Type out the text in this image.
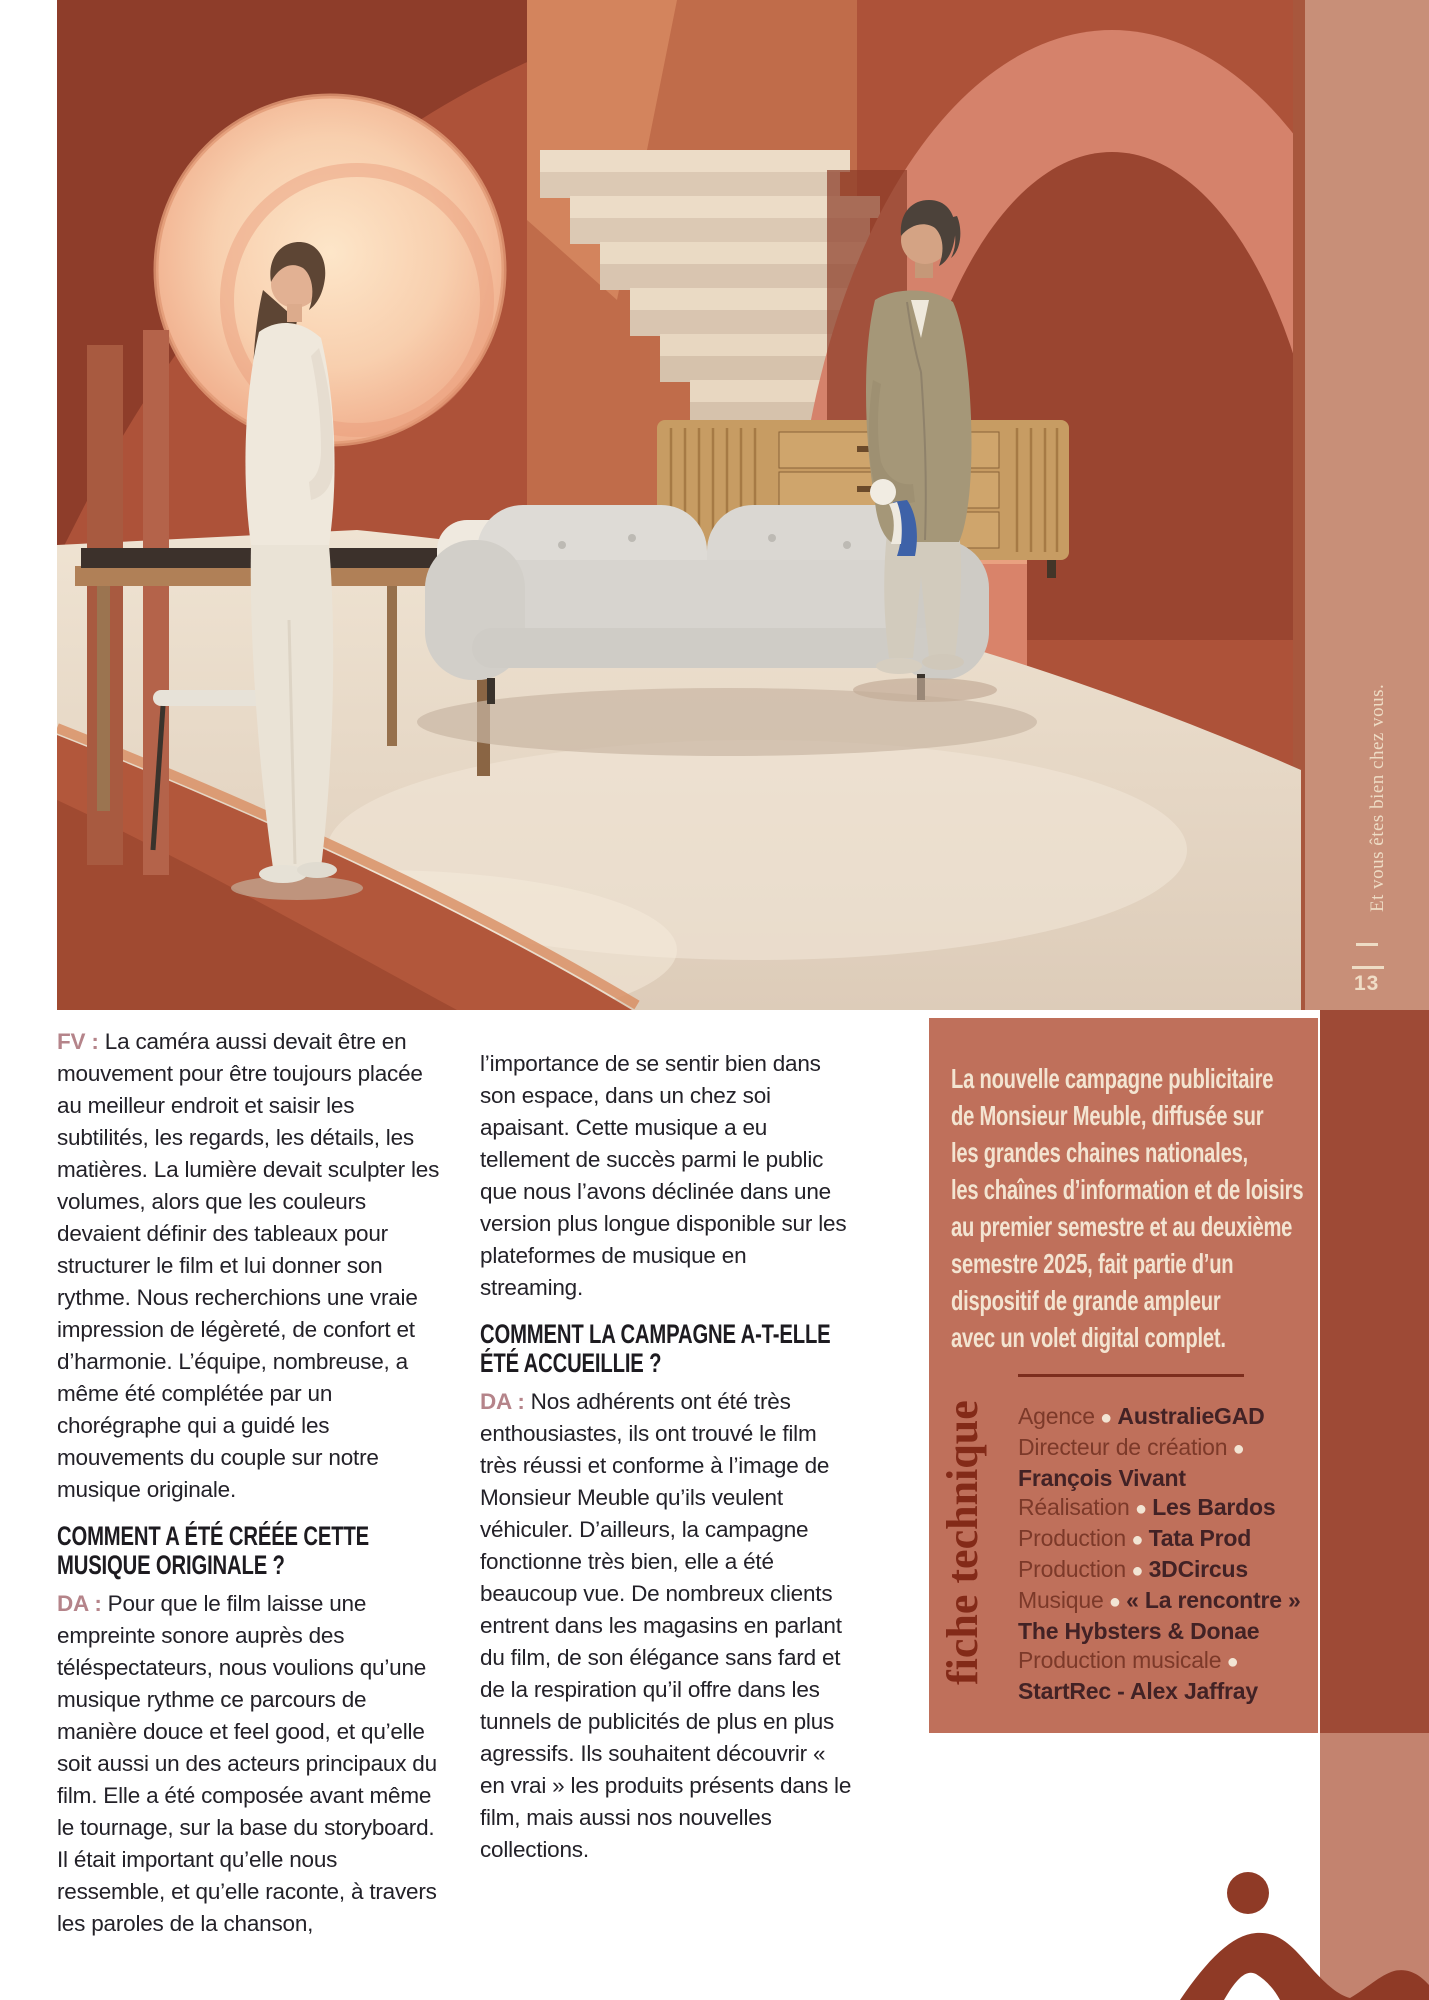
Et vous êtes bien chez vous.
13

FV : La caméra aussi devait être en mouvement pour être toujours placée au meilleur endroit et saisir les subtilités, les regards, les détails, les matières. La lumière devait sculpter les volumes, alors que les couleurs devaient définir des tableaux pour structurer le film et lui donner son rythme. Nous recherchions une vraie impression de légèreté, de confort et d’harmonie. L’équipe, nombreuse, a même été complétée par un chorégraphe qui a guidé les mouvements du couple sur notre musique originale.

COMMENT A ÉTÉ CRÉÉE CETTE MUSIQUE ORIGINALE ?

DA : Pour que le film laisse une empreinte sonore auprès des téléspectateurs, nous voulions qu’une musique rythme ce parcours de manière douce et feel good, et qu’elle soit aussi un des acteurs principaux du film. Elle a été composée avant même le tournage, sur la base du storyboard. Il était important qu’elle nous ressemble, et qu’elle raconte, à travers les paroles de la chanson,

l’importance de se sentir bien dans son espace, dans un chez soi apaisant. Cette musique a eu tellement de succès parmi le public que nous l’avons déclinée dans une version plus longue disponible sur les plateformes de musique en streaming.

COMMENT LA CAMPAGNE A-T-ELLE ÉTÉ ACCUEILLIE ?

DA : Nos adhérents ont été très enthousiastes, ils ont trouvé le film très réussi et conforme à l’image de Monsieur Meuble qu’ils veulent véhiculer. D’ailleurs, la campagne fonctionne très bien, elle a été beaucoup vue. De nombreux clients entrent dans les magasins en parlant du film, de son élégance sans fard et de la respiration qu’il offre dans les tunnels de publicités de plus en plus agressifs. Ils souhaitent découvrir « en vrai » les produits présents dans le film, mais aussi nos nouvelles collections.

La nouvelle campagne publicitaire
de Monsieur Meuble, diffusée sur
les grandes chaines nationales,
les chaînes d’information et de loisirs
au premier semestre et au deuxième
semestre 2025, fait partie d’un
dispositif de grande ampleur
avec un volet digital complet.
fiche technique Agence ● AustralieGAD
Directeur de création ● François Vivant
Réalisation ● Les Bardos
Production ● Tata Prod
Production ● 3DCircus
Musique ● « La rencontre » The Hybsters & Donae
Production musicale ● StartRec - Alex Jaffray
